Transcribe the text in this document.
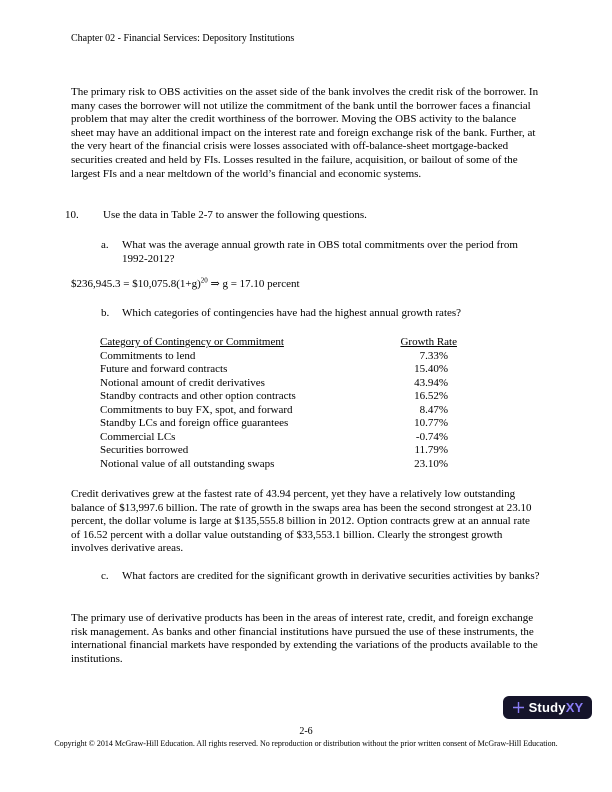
Chapter 02 - Financial Services: Depository Institutions
The primary risk to OBS activities on the asset side of the bank involves the credit risk of the borrower. In many cases the borrower will not utilize the commitment of the bank until the borrower faces a financial problem that may alter the credit worthiness of the borrower. Moving the OBS activity to the balance sheet may have an additional impact on the interest rate and foreign exchange risk of the bank. Further, at the very heart of the financial crisis were losses associated with off-balance-sheet mortgage-backed securities created and held by FIs. Losses resulted in the failure, acquisition, or bailout of some of the largest FIs and a near meltdown of the world’s financial and economic systems.
10.	Use the data in Table 2-7 to answer the following questions.
a.	What was the average annual growth rate in OBS total commitments over the period from 1992-2012?
$236,945.3 = $\$10,075.8(1+g)^{20}$ ⇒ g = 17.10 percent
b.	Which categories of contingencies have had the highest annual growth rates?
Category of Contingency or Commitment	Growth Rate
Commitments to lend	7.33%
Future and forward contracts	15.40%
Notional amount of credit derivatives	43.94%
Standby contracts and other option contracts	16.52%
Commitments to buy FX, spot, and forward	8.47%
Standby LCs and foreign office guarantees	10.77%
Commercial LCs	-0.74%
Securities borrowed	11.79%
Notional value of all outstanding swaps	23.10%
Credit derivatives grew at the fastest rate of 43.94 percent, yet they have a relatively low outstanding balance of $13,997.6 billion. The rate of growth in the swaps area has been the second strongest at 23.10 percent, the dollar volume is large at $135,555.8 billion in 2012. Option contracts grew at an annual rate of 16.52 percent with a dollar value outstanding of $33,553.1 billion. Clearly the strongest growth involves derivative areas.
c.	What factors are credited for the significant growth in derivative securities activities by banks?
The primary use of derivative products has been in the areas of interest rate, credit, and foreign exchange risk management. As banks and other financial institutions have pursued the use of these instruments, the international financial markets have responded by extending the variations of the products available to the institutions.
Study XY
2-6
Copyright © 2014 McGraw-Hill Education. All rights reserved. No reproduction or distribution without the prior written consent of McGraw-Hill Education.
